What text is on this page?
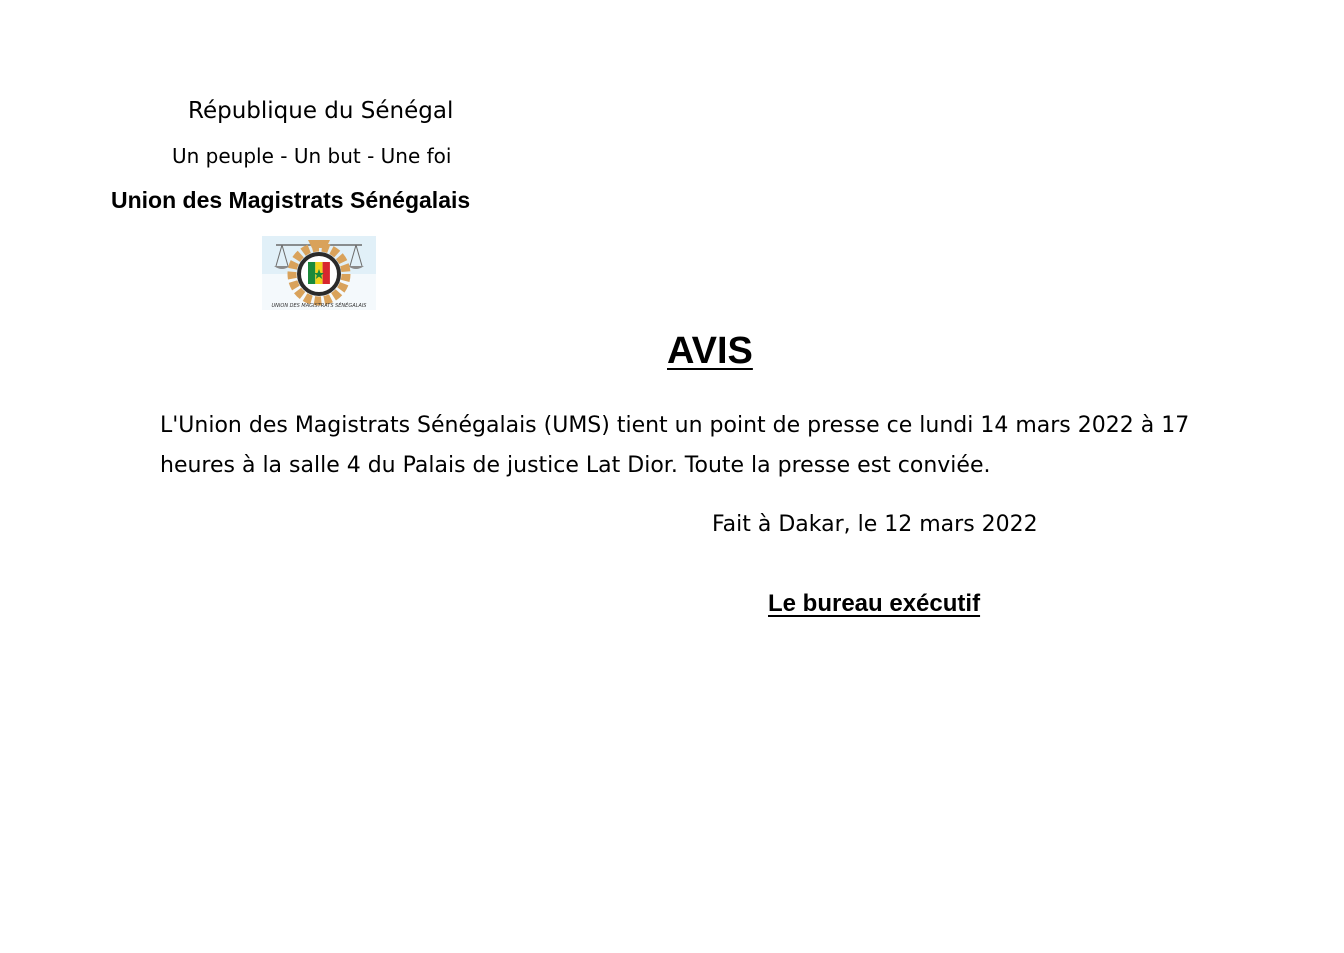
République du Sénégal
Un peuple - Un but - Une foi
Union des Magistrats Sénégalais
UNION DES MAGISTRATS SÉNÉGALAIS
AVIS
L'Union des Magistrats Sénégalais (UMS) tient un point de presse ce lundi 14 mars 2022 à 17
heures à la salle 4 du Palais de justice Lat Dior. Toute la presse est conviée.
Fait à Dakar, le 12 mars 2022
Le bureau exécutif
